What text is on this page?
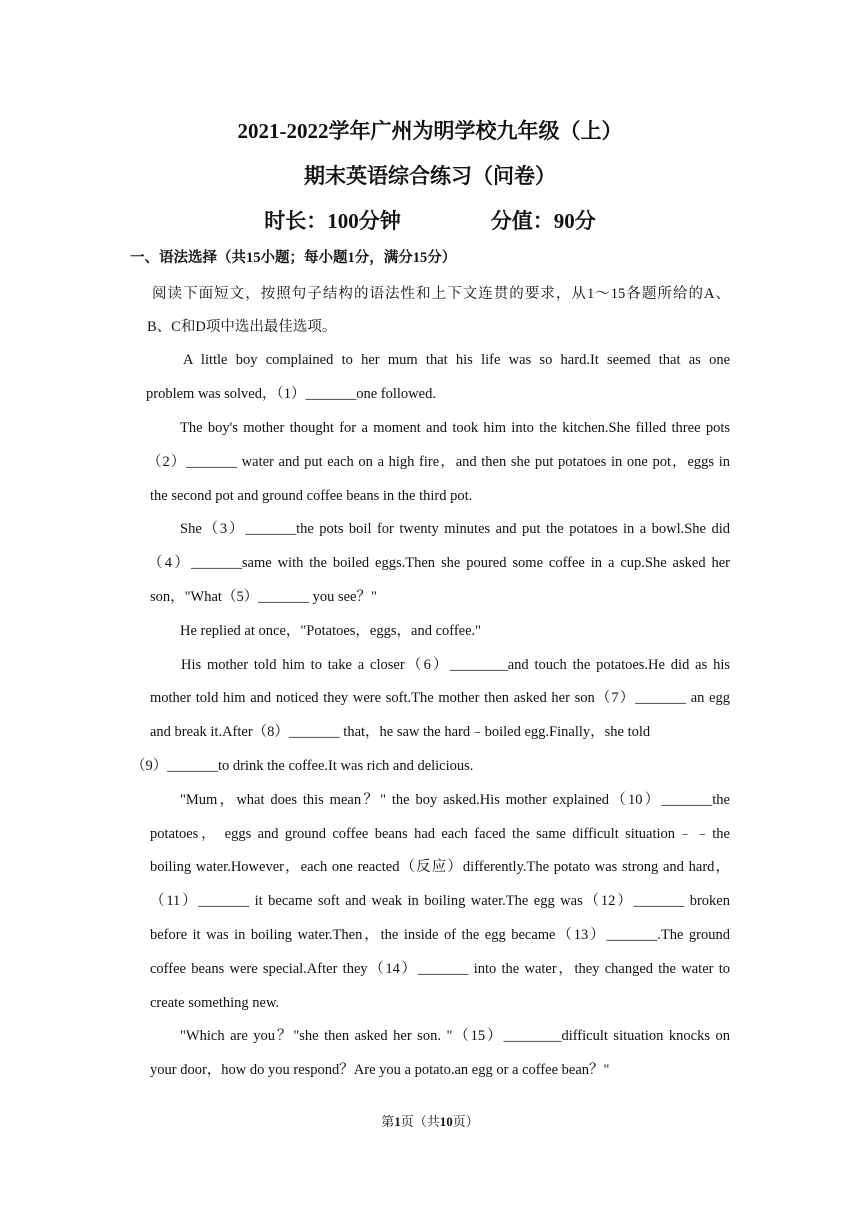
2021-2022学年广州为明学校九年级（上）
期末英语综合练习（问卷）
时长：100分钟	分值：90分
一、语法选择（共15小题；每小题1分，满分15分）
阅读下面短文，按照句子结构的语法性和上下文连贯的要求，从1～15各题所给的A、
B、C和D项中选出最佳选项。
A little boy complained to her mum that his life was so hard.It seemed that as one
problem was solved，（1）_______one followed.
The boy's mother thought for a moment and took him into the kitchen.She filled three pots
（2）_______ water and put each on a high fire，and then she put potatoes in one pot，eggs in
the second pot and ground coffee beans in the third pot.
She（3）_______the pots boil for twenty minutes and put the potatoes in a bowl.She did
（4）_______same with the boiled eggs.Then she poured some coffee in a cup.She asked her
son，"What（5）_______ you see？"
He replied at once，"Potatoes，eggs，and coffee."
His mother told him to take a closer（6）________and touch the potatoes.He did as his
mother told him and noticed they were soft.The mother then asked her son（7）_______ an egg
and break it.After（8）_______ that，he saw the hard﹣boiled egg.Finally，she told
（9）_______to drink the coffee.It was rich and delicious.
"Mum，what does this mean？" the boy asked.His mother explained（10）_______the
potatoes， eggs and ground coffee beans had each faced the same difficult situation﹣﹣the
boiling water.However，each one reacted（反应）differently.The potato was strong and hard，
（11）_______ it became soft and weak in boiling water.The egg was（12）_______ broken
before it was in boiling water.Then，the inside of the egg became（13）_______.The ground
coffee beans were special.After they（14）_______ into the water，they changed the water to
create something new.
"Which are you？"she then asked her son. "（15）________difficult situation knocks on
your door，how do you respond？Are you a potato.an egg or a coffee bean？"
第1页（共10页）
